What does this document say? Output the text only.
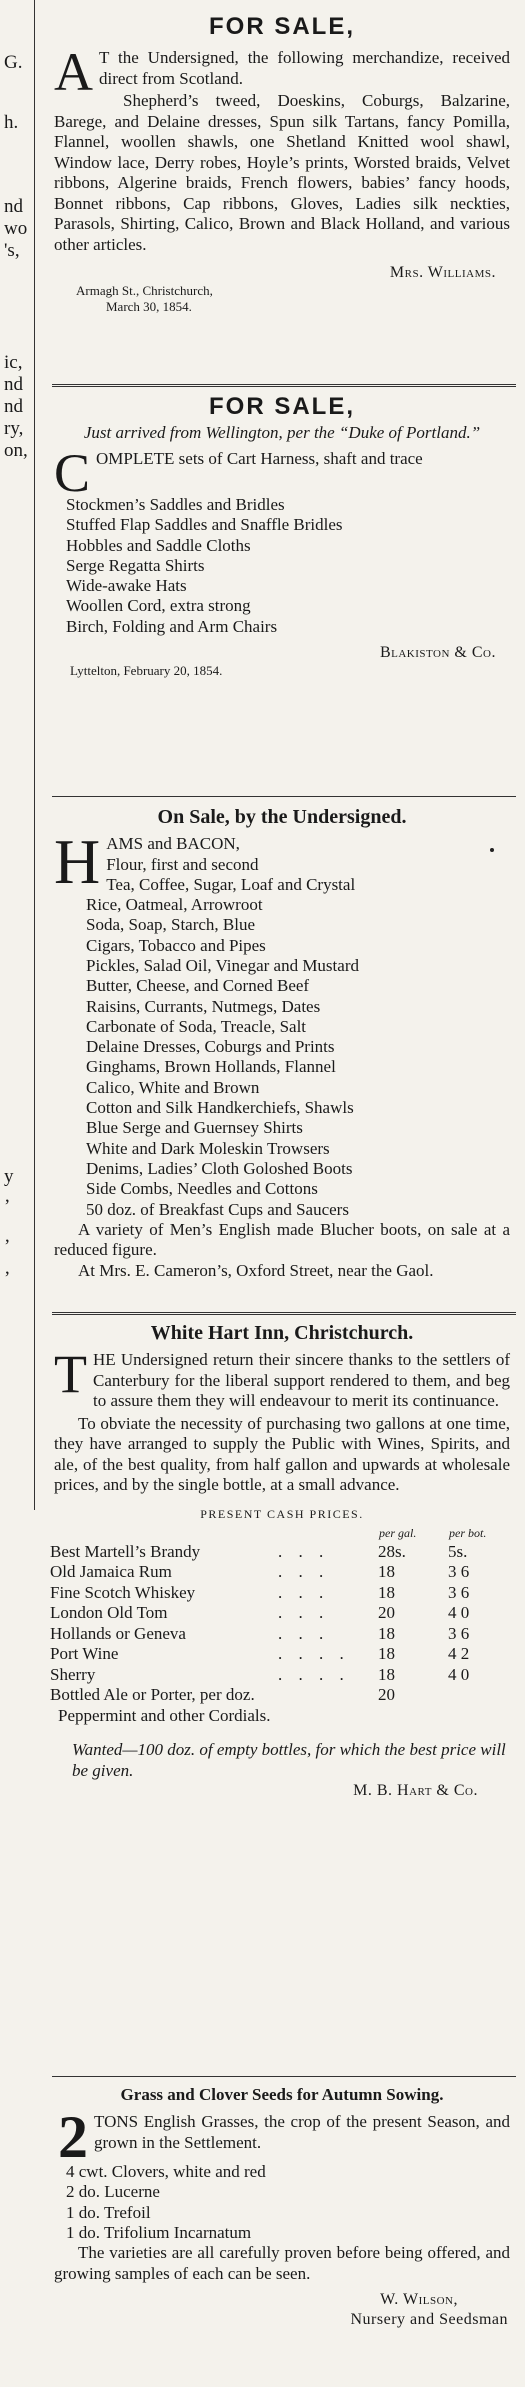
G.
h.
nd
wo
's,
ic,
nd
nd
ry,
on,
y
’
’
’
FOR SALE,
A T the Undersigned, the following merchandize, received direct from Scotland.
Shepherd’s tweed, Doeskins, Coburgs, Balzarine, Barege, and Delaine dresses, Spun silk Tartans, fancy Pomilla, Flannel, woollen shawls, one Shetland Knitted wool shawl, Window lace, Derry robes, Hoyle’s prints, Worsted braids, Velvet ribbons, Algerine braids, French flowers, babies’ fancy hoods, Bonnet ribbons, Cap ribbons, Gloves, Ladies silk neckties, Parasols, Shirting, Calico, Brown and Black Holland, and various other articles.
Mrs. Williams.
Armagh St., Christchurch,
March 30, 1854.
FOR SALE,
Just arrived from Wellington, per the “Duke of Portland.”
COMPLETE sets of Cart Harness, shaft and trace
Stockmen’s Saddles and Bridles
Stuffed Flap Saddles and Snaffle Bridles
Hobbles and Saddle Cloths
Serge Regatta Shirts
Wide-awake Hats
Woollen Cord, extra strong
Birch, Folding and Arm Chairs
Blakiston & Co.
Lyttelton, February 20, 1854.
On Sale, by the Undersigned.
HAMS and BACON,
Flour, first and second
Tea, Coffee, Sugar, Loaf and Crystal
Rice, Oatmeal, Arrowroot
Soda, Soap, Starch, Blue
Cigars, Tobacco and Pipes
Pickles, Salad Oil, Vinegar and Mustard
Butter, Cheese, and Corned Beef
Raisins, Currants, Nutmegs, Dates
Carbonate of Soda, Treacle, Salt
Delaine Dresses, Coburgs and Prints
Ginghams, Brown Hollands, Flannel
Calico, White and Brown
Cotton and Silk Handkerchiefs, Shawls
Blue Serge and Guernsey Shirts
White and Dark Moleskin Trowsers
Denims, Ladies’ Cloth Goloshed Boots
Side Combs, Needles and Cottons
50 doz. of Breakfast Cups and Saucers
A variety of Men’s English made Blucher boots, on sale at a reduced figure.
At Mrs. E. Cameron’s, Oxford Street, near the Gaol.
White Hart Inn, Christchurch.
THE Undersigned return their sincere thanks to the settlers of Canterbury for the liberal support rendered to them, and beg to assure them they will endeavour to merit its continuance.
To obviate the necessity of purchasing two gallons at one time, they have arranged to supply the Public with Wines, Spirits, and ale, of the best quality, from half gallon and upwards at wholesale prices, and by the single bottle, at a small advance.
PRESENT CASH PRICES.
		per gal.	per bot.
Best Martell’s Brandy	. . .	28s.	5s.
Old Jamaica Rum	. . .	18	3 6
Fine Scotch Whiskey	. . .	18	3 6
London Old Tom	. . .	20	4 0
Hollands or Geneva	. . .	18	3 6
Port Wine	. . . .	18	4 2
Sherry	. . . .	18	4 0
Bottled Ale or Porter, per doz.		20	
Peppermint and other Cordials.
Wanted—100 doz. of empty bottles, for which the best price will be given.
M. B. Hart & Co.
Grass and Clover Seeds for Autumn Sowing.
2 TONS English Grasses, the crop of the present Season, and grown in the Settlement.
4 cwt. Clovers, white and red
2 do. Lucerne
1 do. Trefoil
1 do. Trifolium Incarnatum
The varieties are all carefully proven before being offered, and growing samples of each can be seen.
W. Wilson,
Nursery and Seedsman
